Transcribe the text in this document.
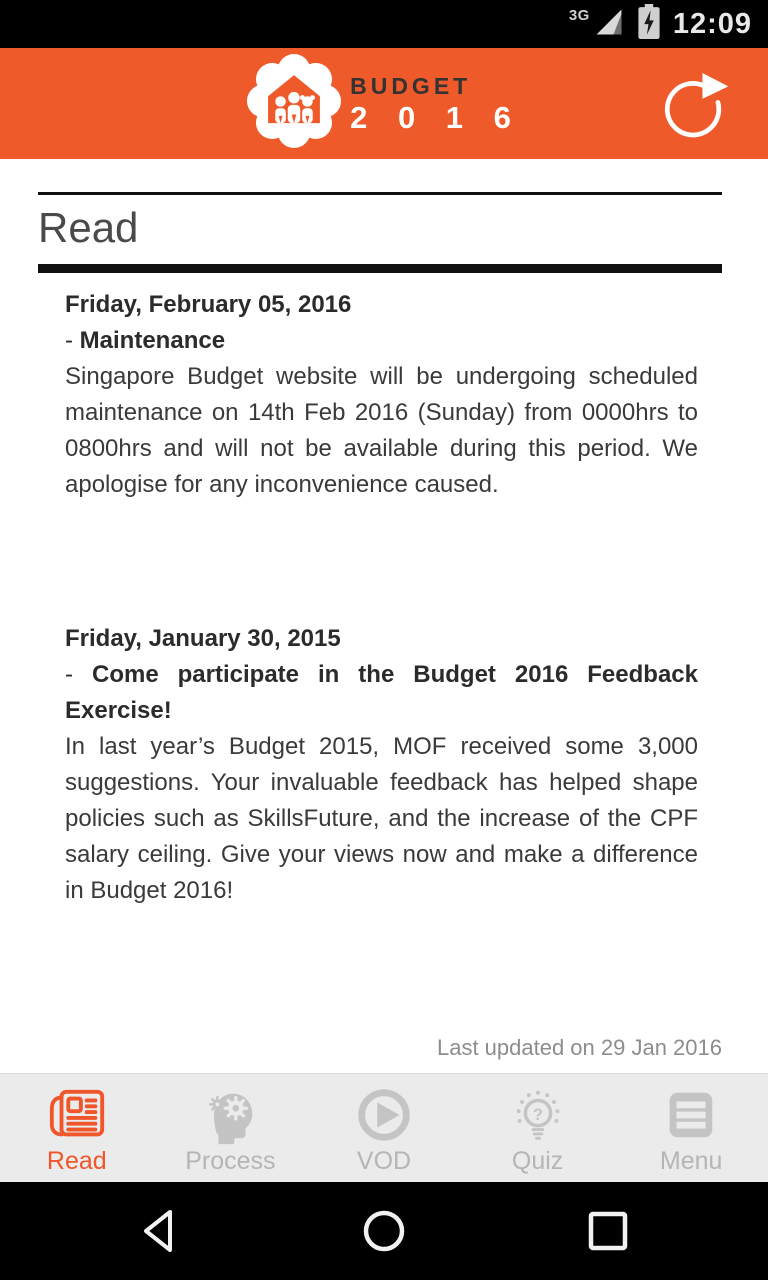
3G	12:09
BUDGET
2 0 1 6
Read
Friday, February 05, 2016
- Maintenance

Singapore Budget website will be undergoing scheduled maintenance on 14th Feb 2016 (Sunday) from 0000hrs to 0800hrs and will not be available during this period. We apologise for any inconvenience caused.

Friday, January 30, 2015
- Come participate in the Budget 2016 Feedback Exercise!

In last year’s Budget 2015, MOF received some 3,000 suggestions. Your invaluable feedback has helped shape policies such as SkillsFuture, and the increase of the CPF salary ceiling. Give your views now and make a difference in Budget 2016!

Last updated on 29 Jan 2016
Read	Process	VOD
?
Quiz	Menu
